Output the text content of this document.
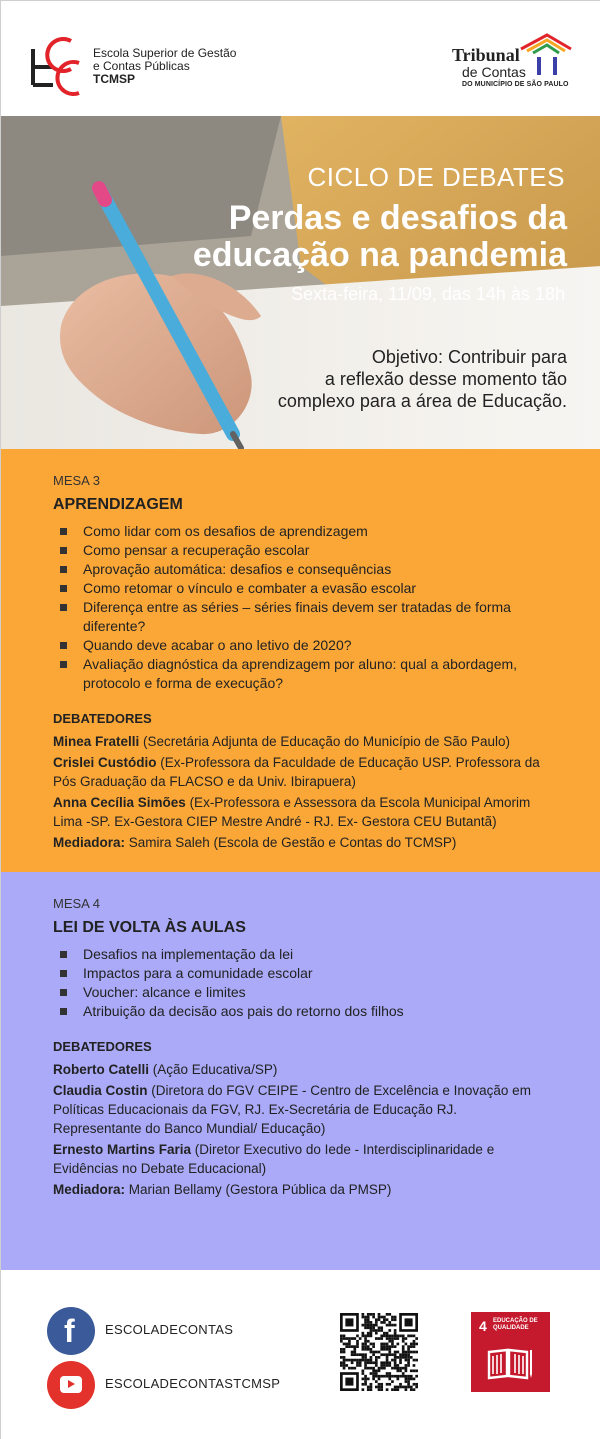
Escola Superior de Gestão
e Contas Públicas
TCMSP
Tribunal
de Contas
DO MUNICÍPIO DE SÃO PAULO
CICLO DE DEBATES
Perdas e desafios da
educação na pandemia
Sexta-feira, 11/09, das 14h às 18h
Objetivo: Contribuir para
a reflexão desse momento tão
complexo para a área de Educação.
MESA 3
APRENDIZAGEM
Como lidar com os desafios de aprendizagem
Como pensar a recuperação escolar
Aprovação automática: desafios e consequências
Como retomar o vínculo e combater a evasão escolar
Diferença entre as séries – séries finais devem ser tratadas de forma diferente?
Quando deve acabar o ano letivo de 2020?
Avaliação diagnóstica da aprendizagem por aluno: qual a abordagem, protocolo e forma de execução?
DEBATEDORES
Minea Fratelli (Secretária Adjunta de Educação do Município de São Paulo)
Crislei Custódio (Ex-Professora da Faculdade de Educação USP. Professora da Pós Graduação da FLACSO e da Univ. Ibirapuera)
Anna Cecília Simões (Ex-Professora e Assessora da Escola Municipal Amorim Lima -SP. Ex-Gestora CIEP Mestre André - RJ. Ex- Gestora CEU Butantã)
Mediadora: Samira Saleh (Escola de Gestão e Contas do TCMSP)
MESA 4
LEI DE VOLTA ÀS AULAS
Desafios na implementação da lei
Impactos para a comunidade escolar
Voucher: alcance e limites
Atribuição da decisão aos pais do retorno dos filhos
DEBATEDORES
Roberto Catelli (Ação Educativa/SP)
Claudia Costin (Diretora do FGV CEIPE - Centro de Excelência e Inovação em Políticas Educacionais da FGV, RJ. Ex-Secretária de Educação RJ. Representante do Banco Mundial/ Educação)
Ernesto Martins Faria (Diretor Executivo do Iede - Interdisciplinaridade e Evidências no Debate Educacional)
Mediadora: Marian Bellamy (Gestora Pública da PMSP)
f ESCOLADECONTAS
ESCOLADECONTASTCMSP
4 EDUCAÇÃO DE
QUALIDADE
